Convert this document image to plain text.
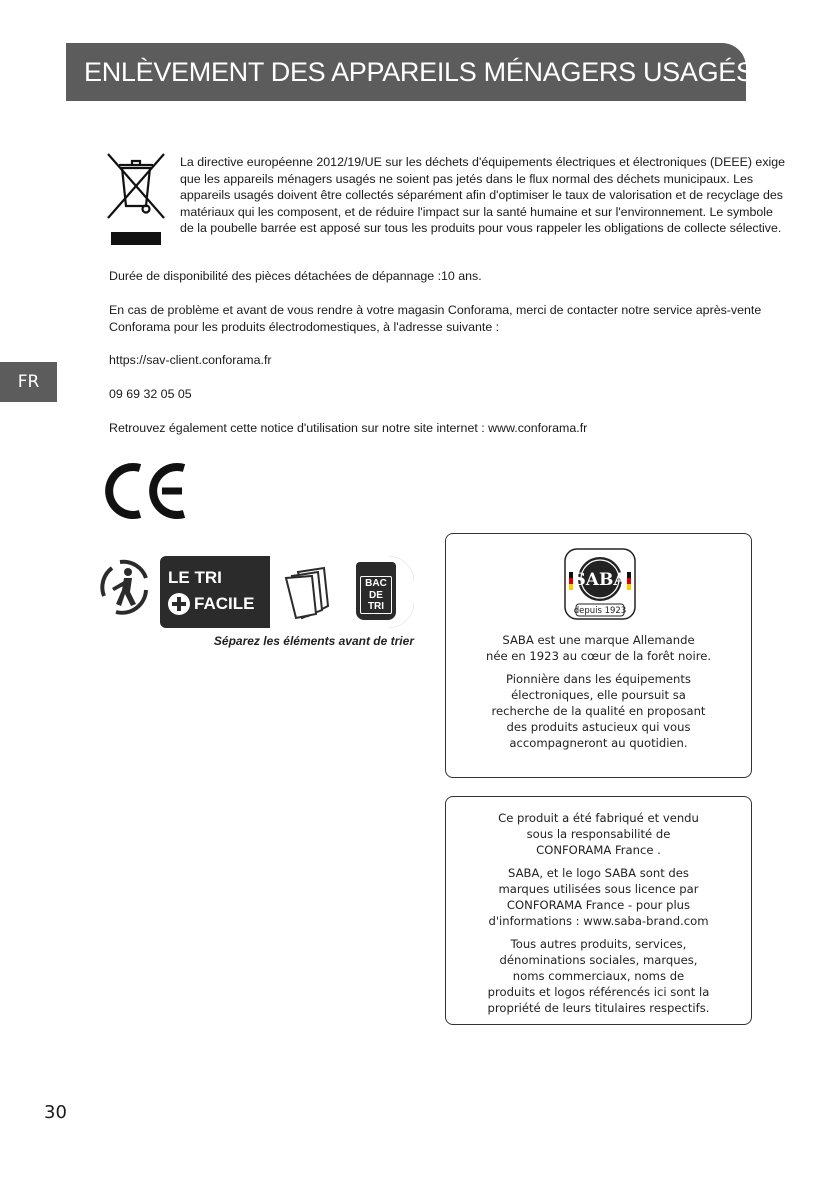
ENLÈVEMENT DES APPAREILS MÉNAGERS USAGÉS
FR

La directive européenne 2012/19/UE sur les déchets d'équipements électriques et électroniques (DEEE) exige que les appareils ménagers usagés ne soient pas jetés dans le flux normal des déchets municipaux. Les appareils usagés doivent être collectés séparément afin d'optimiser le taux de valorisation et de recyclage des matériaux qui les composent, et de réduire l'impact sur la santé humaine et sur l'environnement. Le symbole de la poubelle barrée est apposé sur tous les produits pour vous rappeler les obligations de collecte sélective.

Durée de disponibilité des pièces détachées de dépannage :10 ans.

En cas de problème et avant de vous rendre à votre magasin Conforama, merci de contacter notre service après-vente Conforama pour les produits électrodomestiques, à l'adresse suivante :

https://sav-client.conforama.fr

09 69 32 05 05

Retrouvez également cette notice d'utilisation sur notre site internet : www.conforama.fr

LE TRI
FACILE
BAC
DE
TRI
Séparez les éléments avant de trier
SABA
depuis 1923

SABA est une marque Allemande
née en 1923 au cœur de la forêt noire.

Pionnière dans les équipements
électroniques, elle poursuit sa
recherche de la qualité en proposant
des produits astucieux qui vous
accompagneront au quotidien.

Ce produit a été fabriqué et vendu
sous la responsabilité de
CONFORAMA France .

SABA, et le logo SABA sont des
marques utilisées sous licence par
CONFORAMA France - pour plus
d'informations : www.saba-brand.com

Tous autres produits, services,
dénominations sociales, marques,
noms commerciaux, noms de
produits et logos référencés ici sont la
propriété de leurs titulaires respectifs.

30
